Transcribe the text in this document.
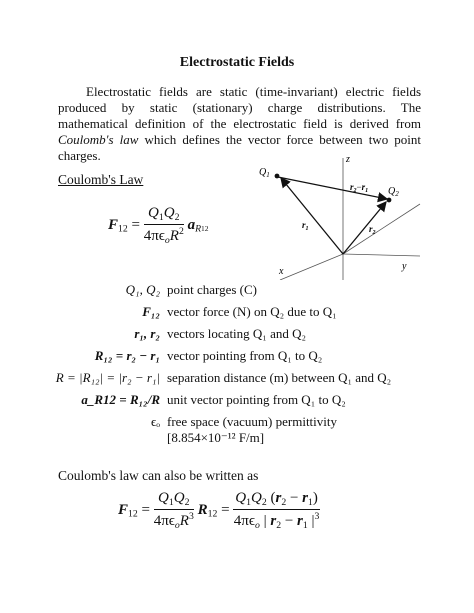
Electrostatic Fields
Electrostatic fields are static (time-invariant) electric fields produced by static (stationary) charge distributions. The mathematical definition of the electrostatic field is derived from Coulomb's law which defines the vector force between two point charges.
Coulomb's Law
$F_{12} = \frac{Q_1Q_2}{4\pi\epsilon_oR^2} a_{R12}$
z
y
x
$Q_1$
$Q_2$
$r_2-r_1$
$r_1$	$r_2$
Q₁, Q₂ point charges (C)
F₁₂ vector force (N) on Q₂ due to Q₁
r₁, r₂ vectors locating Q₁ and Q₂
R₁₂ = r₂ − r₁ vector pointing from Q₁ to Q₂
R = |R₁₂| = |r₂ − r₁| separation distance (m) between Q₁ and Q₂
a_R12 = R₁₂/R unit vector pointing from Q₁ to Q₂
ϵₒ free space (vacuum) permittivity
[8.854×10⁻¹² F/m]
Coulomb's law can also be written as
$F_{12} = \frac{Q_1Q_2}{4\pi\epsilon_oR^3} R_{12} = \frac{Q_1Q_2 (r_2 - r_1)}{4\pi\epsilon_o | r_2 - r_1 |^3}$
